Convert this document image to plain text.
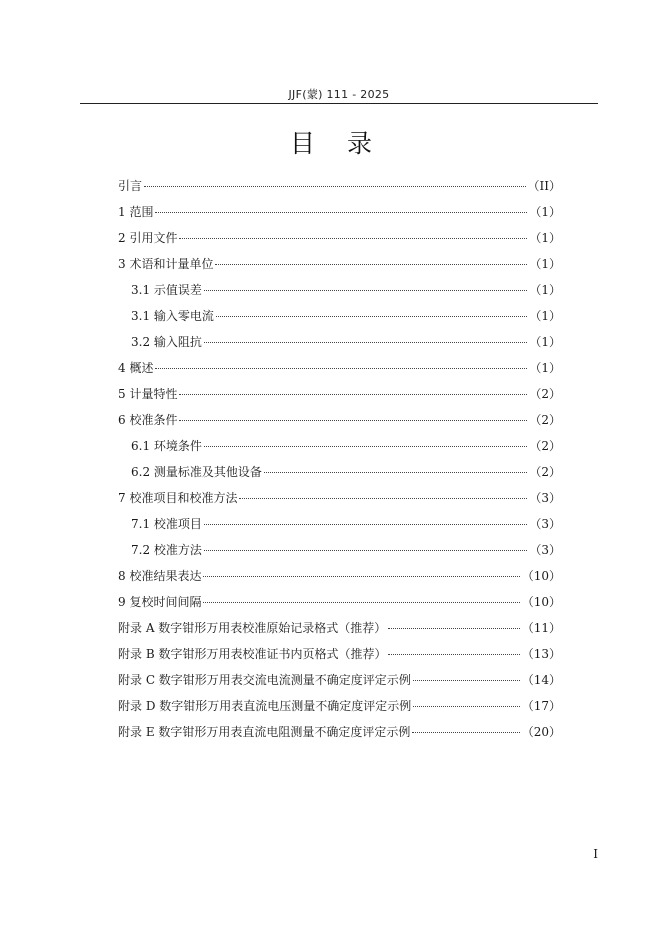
JJF(蒙) 111 - 2025
目 录
引言	（II）
1 范围	（1）
2 引用文件	（1）
3 术语和计量单位	（1）
3.1 示值误差	（1）
3.1 输入零电流	（1）
3.2 输入阻抗	（1）
4 概述	（1）
5 计量特性	（2）
6 校准条件	（2）
6.1 环境条件	（2）
6.2 测量标准及其他设备	（2）
7 校准项目和校准方法	（3）
7.1 校准项目	（3）
7.2 校准方法	（3）
8 校准结果表达	（10）
9 复校时间间隔	（10）
附录 A 数字钳形万用表校准原始记录格式（推荐）	（11）
附录 B 数字钳形万用表校准证书内页格式（推荐）	（13）
附录 C 数字钳形万用表交流电流测量不确定度评定示例	（14）
附录 D 数字钳形万用表直流电压测量不确定度评定示例	（17）
附录 E 数字钳形万用表直流电阻测量不确定度评定示例	（20）
I
